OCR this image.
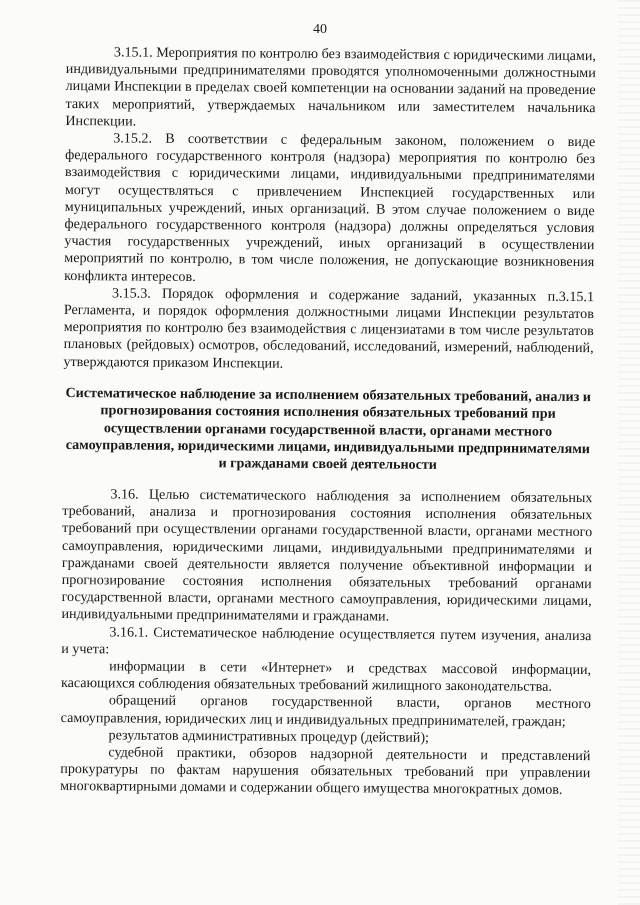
40

3.15.1. Мероприятия по контролю без взаимодействия с юридическими лицами, индивидуальными предпринимателями проводятся уполномоченными должностными лицами Инспекции в пределах своей компетенции на основании заданий на проведение таких мероприятий, утверждаемых начальником или заместителем начальника Инспекции.

3.15.2. В соответствии с федеральным законом, положением о виде федерального государственного контроля (надзора) мероприятия по контролю без взаимодействия с юридическими лицами, индивидуальными предпринимателями могут осуществляться с привлечением Инспекцией государственных или муниципальных учреждений, иных организаций. В этом случае положением о виде федерального государственного контроля (надзора) должны определяться условия участия государственных учреждений, иных организаций в осуществлении мероприятий по контролю, в том числе положения, не допускающие возникновения конфликта интересов.

3.15.3. Порядок оформления и содержание заданий, указанных п.3.15.1 Регламента, и порядок оформления должностными лицами Инспекции результатов мероприятия по контролю без взаимодействия с лицензиатами в том числе результатов плановых (рейдовых) осмотров, обследований, исследований, измерений, наблюдений, утверждаются приказом Инспекции.

Систематическое наблюдение за исполнением обязательных требований, анализ и прогнозирования состояния исполнения обязательных требований при осуществлении органами государственной власти, органами местного самоуправления, юридическими лицами, индивидуальными предпринимателями и гражданами своей деятельности

3.16. Целью систематического наблюдения за исполнением обязательных требований, анализа и прогнозирования состояния исполнения обязательных требований при осуществлении органами государственной власти, органами местного самоуправления, юридическими лицами, индивидуальными предпринимателями и гражданами своей деятельности является получение объективной информации и прогнозирование состояния исполнения обязательных требований органами государственной власти, органами местного самоуправления, юридическими лицами, индивидуальными предпринимателями и гражданами.

3.16.1. Систематическое наблюдение осуществляется путем изучения, анализа и учета:

информации в сети «Интернет» и средствах массовой информации, касающихся соблюдения обязательных требований жилищного законодательства.

обращений органов государственной власти, органов местного самоуправления, юридических лиц и индивидуальных предпринимателей, граждан;

результатов административных процедур (действий);

судебной практики, обзоров надзорной деятельности и представлений прокуратуры по фактам нарушения обязательных требований при управлении многоквартирными домами и содержании общего имущества многократных домов.
